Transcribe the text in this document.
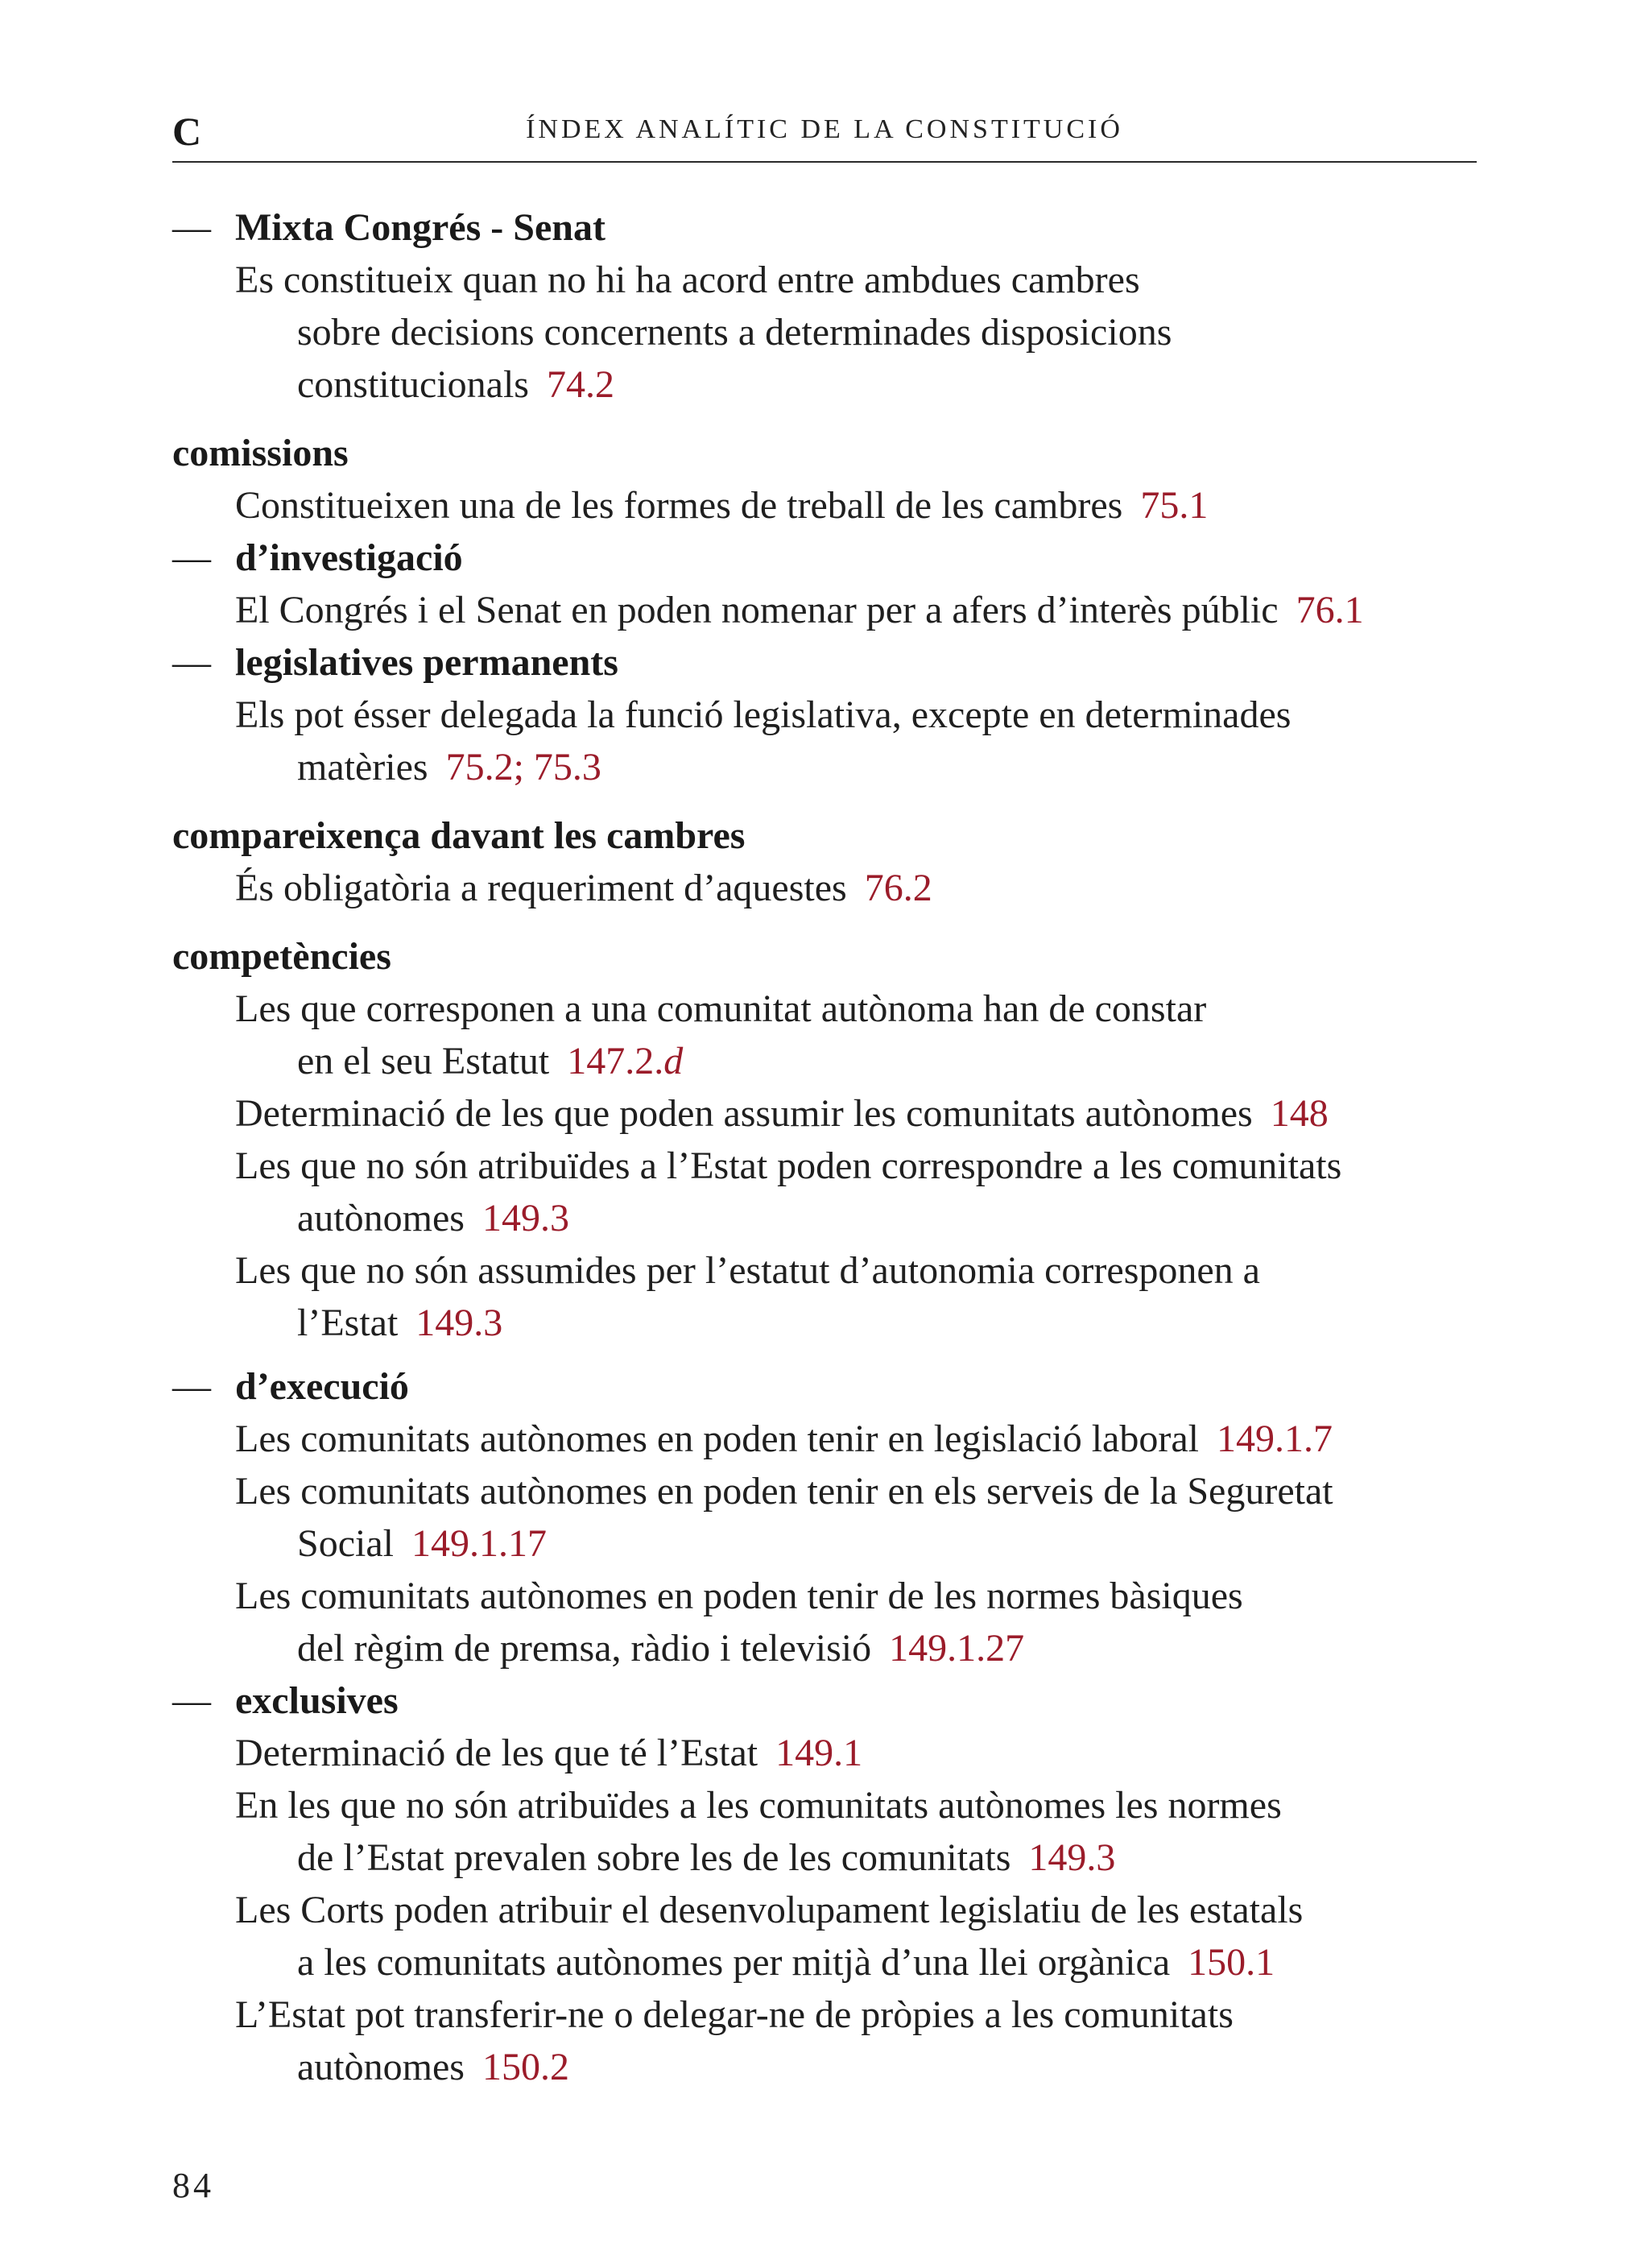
C	ÍNDEX ANALÍTIC DE LA CONSTITUCIÓ
— Mixta Congrés - Senat
Es constitueix quan no hi ha acord entre ambdues cambres
sobre decisions concernents a determinades disposicions
constitucionals 74.2
comissions
Constitueixen una de les formes de treball de les cambres 75.1
— d’investigació
El Congrés i el Senat en poden nomenar per a afers d’interès públic 76.1
— legislatives permanents
Els pot ésser delegada la funció legislativa, excepte en determinades
matèries 75.2; 75.3
compareixença davant les cambres
És obligatòria a requeriment d’aquestes 76.2
competències
Les que corresponen a una comunitat autònoma han de constar
en el seu Estatut 147.2.d
Determinació de les que poden assumir les comunitats autònomes 148
Les que no són atribuïdes a l’Estat poden correspondre a les comunitats
autònomes 149.3
Les que no són assumides per l’estatut d’autonomia corresponen a
l’Estat 149.3
— d’execució
Les comunitats autònomes en poden tenir en legislació laboral 149.1.7
Les comunitats autònomes en poden tenir en els serveis de la Seguretat
Social 149.1.17
Les comunitats autònomes en poden tenir de les normes bàsiques
del règim de premsa, ràdio i televisió 149.1.27
— exclusives
Determinació de les que té l’Estat 149.1
En les que no són atribuïdes a les comunitats autònomes les normes
de l’Estat prevalen sobre les de les comunitats 149.3
Les Corts poden atribuir el desenvolupament legislatiu de les estatals
a les comunitats autònomes per mitjà d’una llei orgànica 150.1
L’Estat pot transferir-ne o delegar-ne de pròpies a les comunitats
autònomes 150.2
84
